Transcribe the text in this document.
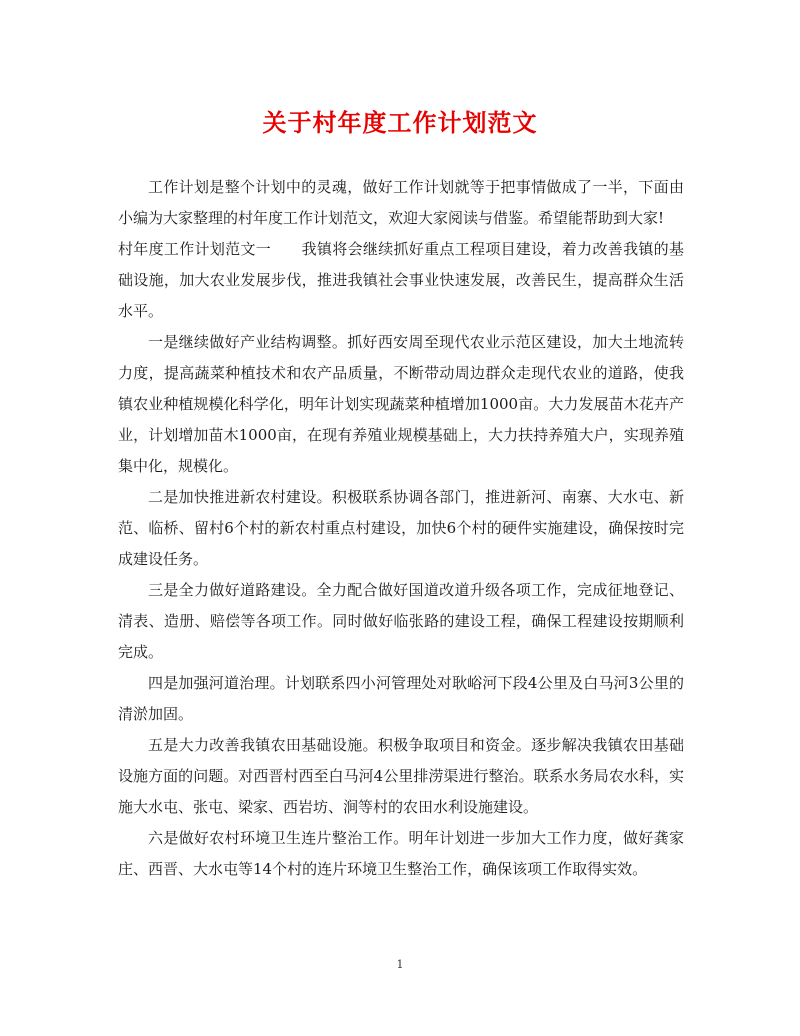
关于村年度工作计划范文

工作计划是整个计划中的灵魂，做好工作计划就等于把事情做成了一半，下面由小编为大家整理的村年度工作计划范文，欢迎大家阅读与借鉴。希望能帮助到大家!

村年度工作计划范文一　　我镇将会继续抓好重点工程项目建设，着力改善我镇的基础设施，加大农业发展步伐，推进我镇社会事业快速发展，改善民生，提高群众生活水平。

一是继续做好产业结构调整。抓好西安周至现代农业示范区建设，加大土地流转力度，提高蔬菜种植技术和农产品质量，不断带动周边群众走现代农业的道路，使我镇农业种植规模化科学化，明年计划实现蔬菜种植增加1000亩。大力发展苗木花卉产业，计划增加苗木1000亩，在现有养殖业规模基础上，大力扶持养殖大户，实现养殖集中化，规模化。

二是加快推进新农村建设。积极联系协调各部门，推进新河、南寨、大水屯、新范、临桥、留村6个村的新农村重点村建设，加快6个村的硬件实施建设，确保按时完成建设任务。

三是全力做好道路建设。全力配合做好国道改道升级各项工作，完成征地登记、清表、造册、赔偿等各项工作。同时做好临张路的建设工程，确保工程建设按期顺利完成。

四是加强河道治理。计划联系四小河管理处对耿峪河下段4公里及白马河3公里的清淤加固。

五是大力改善我镇农田基础设施。积极争取项目和资金。逐步解决我镇农田基础设施方面的问题。对西晋村西至白马河4公里排涝渠进行整治。联系水务局农水科，实施大水屯、张屯、梁家、西岩坊、涧等村的农田水利设施建设。

六是做好农村环境卫生连片整治工作。明年计划进一步加大工作力度，做好龚家庄、西晋、大水屯等14个村的连片环境卫生整治工作，确保该项工作取得实效。

1
